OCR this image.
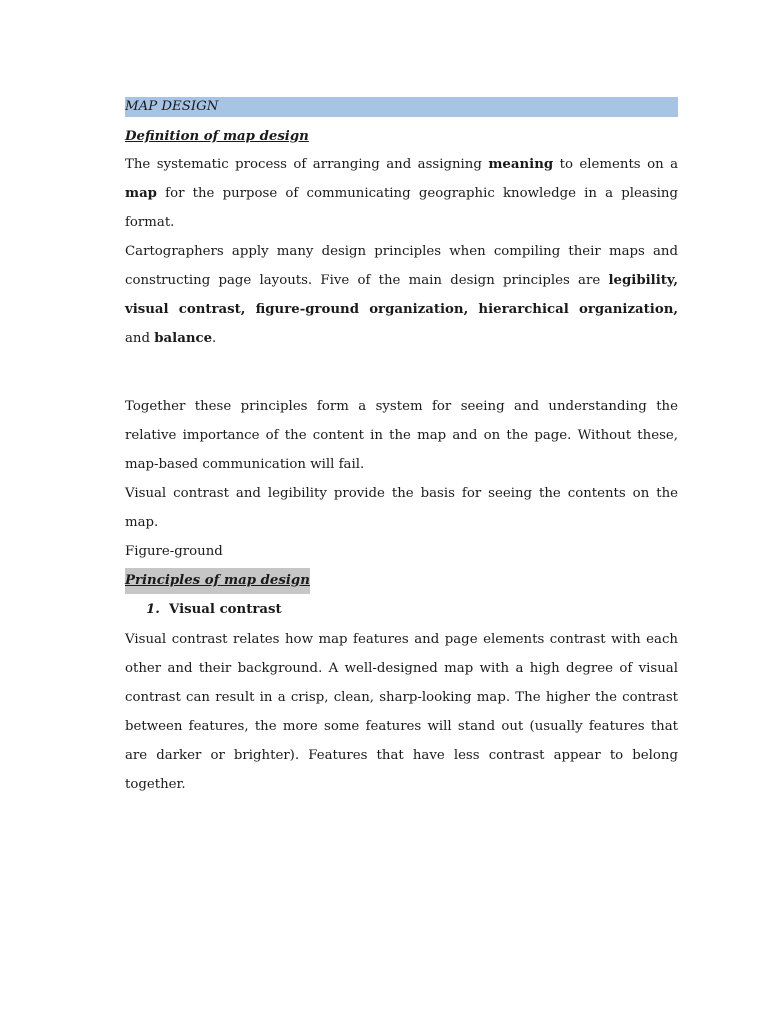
MAP DESIGN
Definition of map design

The systematic process of arranging and assigning meaning to elements on a map for the purpose of communicating geographic knowledge in a pleasing format.

Cartographers apply many design principles when compiling their maps and constructing page layouts. Five of the main design principles are legibility, visual contrast, figure-ground organization, hierarchical organization, and balance.

Together these principles form a system for seeing and understanding the relative importance of the content in the map and on the page. Without these, map-based communication will fail.

Visual contrast and legibility provide the basis for seeing the contents on the map.

Figure-ground

Principles of map design
1. Visual contrast

Visual contrast relates how map features and page elements contrast with each other and their background. A well-designed map with a high degree of visual contrast can result in a crisp, clean, sharp-looking map. The higher the contrast between features, the more some features will stand out (usually features that are darker or brighter). Features that have less contrast appear to belong together.
